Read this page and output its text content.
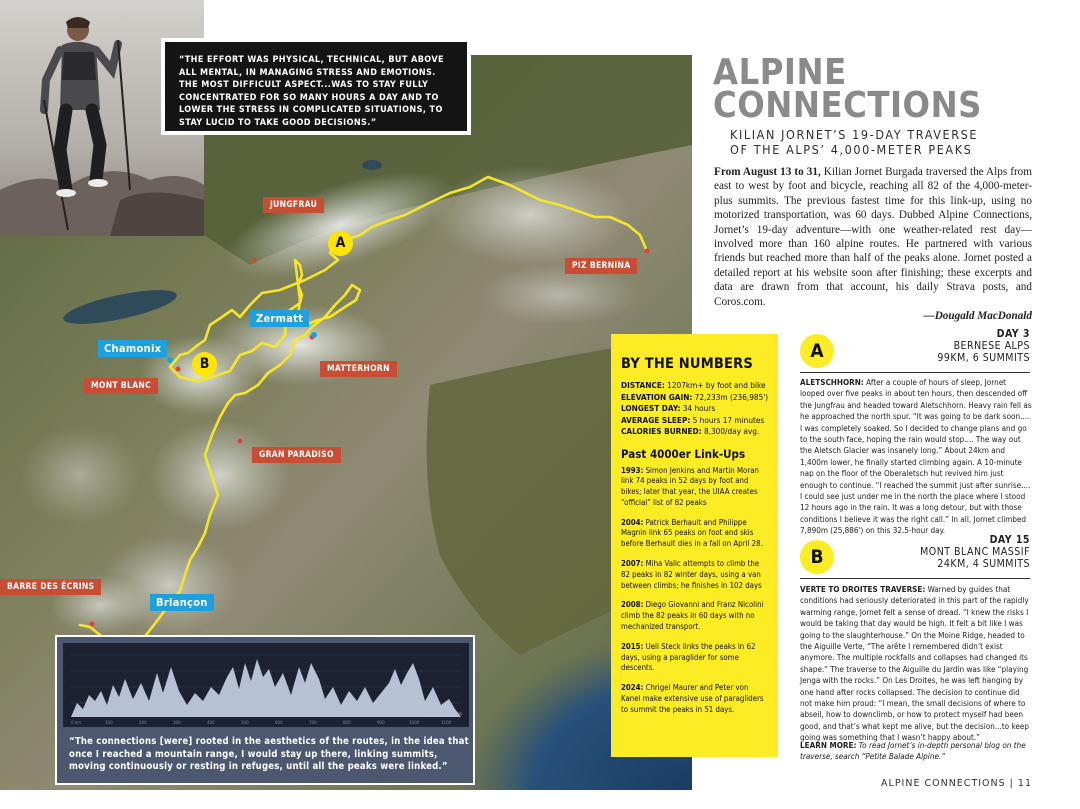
JUNGFRAU
PIZ BERNINA
Zermatt
Chamonix
MATTERHORN
MONT BLANC
GRAN PARADISO
BARRE DES ÉCRINS
Briançon
A
B
“THE EFFORT WAS PHYSICAL, TECHNICAL, BUT ABOVE ALL MENTAL, IN MANAGING STRESS AND EMOTIONS. THE MOST DIFFICULT ASPECT...WAS TO STAY FULLY CONCENTRATED FOR SO MANY HOURS A DAY AND TO LOWER THE STRESS IN COMPLICATED SITUATIONS, TO STAY LUCID TO TAKE GOOD DECISIONS.”
0 km	100	200	300	400	500	600	700	800	900	1000	1100
DATA PROVIDED BY COROS
“The connections [were] rooted in the aesthetics of the routes, in the idea that once I reached a mountain range, I would stay up there, linking summits, moving continuously or resting in refuges, until all the peaks were linked.”
ALPINE
CONNECTIONS
KILIAN JORNET’S 19-DAY TRAVERSE
OF THE ALPS’ 4,000-METER PEAKS
From August 13 to 31, Kilian Jornet Burgada traversed the Alps from east to west by foot and bicycle, reaching all 82 of the 4,000-meter-plus summits. The previous fastest time for this link-up, using no motorized transportation, was 60 days. Dubbed Alpine Connections, Jornet’s 19-day adventure—with one weather-related rest day—involved more than 160 alpine routes. He partnered with various friends but reached more than half of the peaks alone. Jornet posted a detailed report at his website soon after finishing; these excerpts and data are drawn from that account, his daily Strava posts, and Coros.com.
—Dougald MacDonald
BY THE NUMBERS
DISTANCE: 1207km+ by foot and bike
ELEVATION GAIN: 72,233m (236,985')
LONGEST DAY: 34 hours
AVERAGE SLEEP: 5 hours 17 minutes
CALORIES BURNED: 8,300/day avg.
Past 4000er Link-Ups
1993: Simon Jenkins and Martin Moran link 74 peaks in 52 days by foot and bikes; later that year, the UIAA creates “official” list of 82 peaks
2004: Patrick Berhault and Philippe Magnin link 65 peaks on foot and skis before Berhault dies in a fall on April 28.
2007: Miha Valic attempts to climb the 82 peaks in 82 winter days, using a van between climbs; he finishes in 102 days
2008: Diego Giovanni and Franz Nicolini climb the 82 peaks in 60 days with no mechanized transport.
2015: Ueli Steck links the peaks in 62 days, using a paraglider for some descents.
2024: Chrigel Maurer and Peter von Kanel make extensive use of paragliders to summit the peaks in 51 days.
A
DAY 3
BERNESE ALPS
99KM, 6 SUMMITS
ALETSCHHORN: After a couple of hours of sleep, Jornet looped over five peaks in about ten hours, then descended off the Jungfrau and headed toward Aletschhorn. Heavy rain fell as he approached the north spur. “It was going to be dark soon.... I was completely soaked. So I decided to change plans and go to the south face, hoping the rain would stop.... The way out the Aletsch Glacier was insanely long.” About 24km and 1,400m lower, he finally started climbing again. A 10-minute nap on the floor of the Oberaletsch hut revived him just enough to continue. “I reached the summit just after sunrise.... I could see just under me in the north the place where I stood 12 hours ago in the rain. It was a long detour, but with those conditions I believe it was the right call.” In all, Jornet climbed 7,890m (25,886') on this 32.5-hour day.
B
DAY 15
MONT BLANC MASSIF
24KM, 4 SUMMITS
VERTE TO DROITES TRAVERSE: Warned by guides that conditions had seriously deteriorated in this part of the rapidly warming range, Jornet felt a sense of dread. “I knew the risks I would be taking that day would be high. It felt a bit like I was going to the slaughterhouse.” On the Moine Ridge, headed to the Aiguille Verte, “The arête I remembered didn’t exist anymore. The multiple rockfalls and collapses had changed its shape.” The traverse to the Aiguille du Jardin was like “playing Jenga with the rocks.” On Les Droites, he was left hanging by one hand after rocks collapsed. The decision to continue did not make him proud: “I mean, the small decisions of where to abseil, how to downclimb, or how to protect myself had been good, and that’s what kept me alive, but the decision...to keep going was something that I wasn’t happy about.”
LEARN MORE: To read Jornet’s in-depth personal blog on the traverse, search “Petite Balade Alpine.”
ALPINE CONNECTIONS | 11
